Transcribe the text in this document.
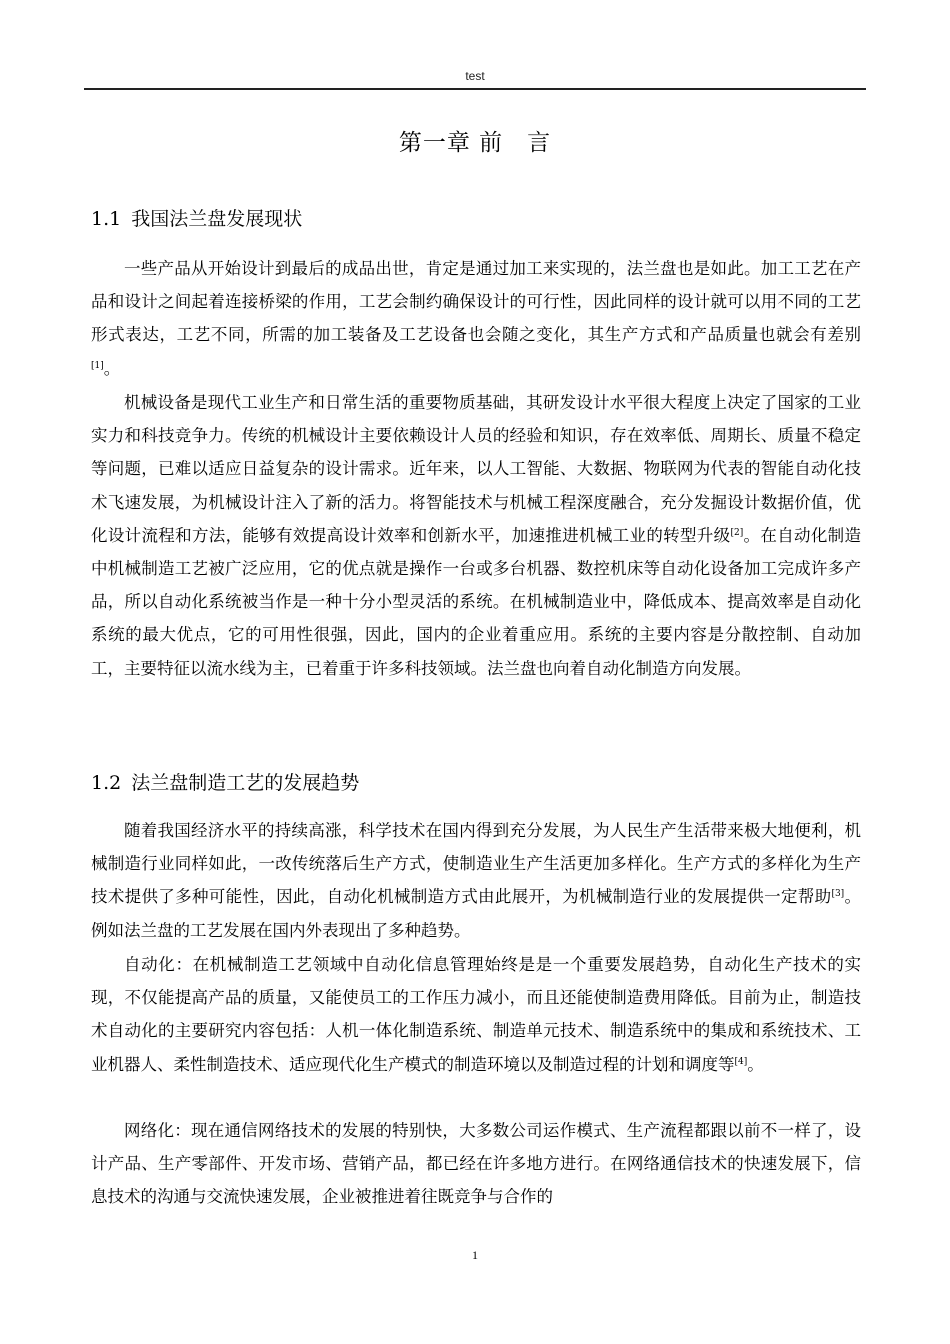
test
第一章 前　言
1.1 我国法兰盘发展现状
一些产品从开始设计到最后的成品出世，肯定是通过加工来实现的，法兰盘也是如此。加工工艺在产品和设计之间起着连接桥梁的作用，工艺会制约确保设计的可行性，因此同样的设计就可以用不同的工艺形式表达，工艺不同，所需的加工装备及工艺设备也会随之变化，其生产方式和产品质量也就会有差别[1]。
机械设备是现代工业生产和日常生活的重要物质基础，其研发设计水平很大程度上决定了国家的工业实力和科技竞争力。传统的机械设计主要依赖设计人员的经验和知识，存在效率低、周期长、质量不稳定等问题，已难以适应日益复杂的设计需求。近年来，以人工智能、大数据、物联网为代表的智能自动化技术飞速发展，为机械设计注入了新的活力。将智能技术与机械工程深度融合，充分发掘设计数据价值，优化设计流程和方法，能够有效提高设计效率和创新水平，加速推进机械工业的转型升级[2]。在自动化制造中机械制造工艺被广泛应用，它的优点就是操作一台或多台机器、数控机床等自动化设备加工完成许多产品，所以自动化系统被当作是一种十分小型灵活的系统。在机械制造业中，降低成本、提高效率是自动化系统的最大优点，它的可用性很强，因此，国内的企业着重应用。系统的主要内容是分散控制、自动加工，主要特征以流水线为主，已着重于许多科技领域。法兰盘也向着自动化制造方向发展。
1.2 法兰盘制造工艺的发展趋势
随着我国经济水平的持续高涨，科学技术在国内得到充分发展，为人民生产生活带来极大地便利，机械制造行业同样如此，一改传统落后生产方式，使制造业生产生活更加多样化。生产方式的多样化为生产技术提供了多种可能性，因此，自动化机械制造方式由此展开，为机械制造行业的发展提供一定帮助[3]。例如法兰盘的工艺发展在国内外表现出了多种趋势。
自动化：在机械制造工艺领域中自动化信息管理始终是是一个重要发展趋势，自动化生产技术的实现，不仅能提高产品的质量，又能使员工的工作压力减小，而且还能使制造费用降低。目前为止，制造技术自动化的主要研究内容包括：人机一体化制造系统、制造单元技术、制造系统中的集成和系统技术、工业机器人、柔性制造技术、适应现代化生产模式的制造环境以及制造过程的计划和调度等[4]。
网络化：现在通信网络技术的发展的特别快，大多数公司运作模式、生产流程都跟以前不一样了，设计产品、生产零部件、开发市场、营销产品，都已经在许多地方进行。在网络通信技术的快速发展下，信息技术的沟通与交流快速发展，企业被推进着往既竞争与合作的
1
